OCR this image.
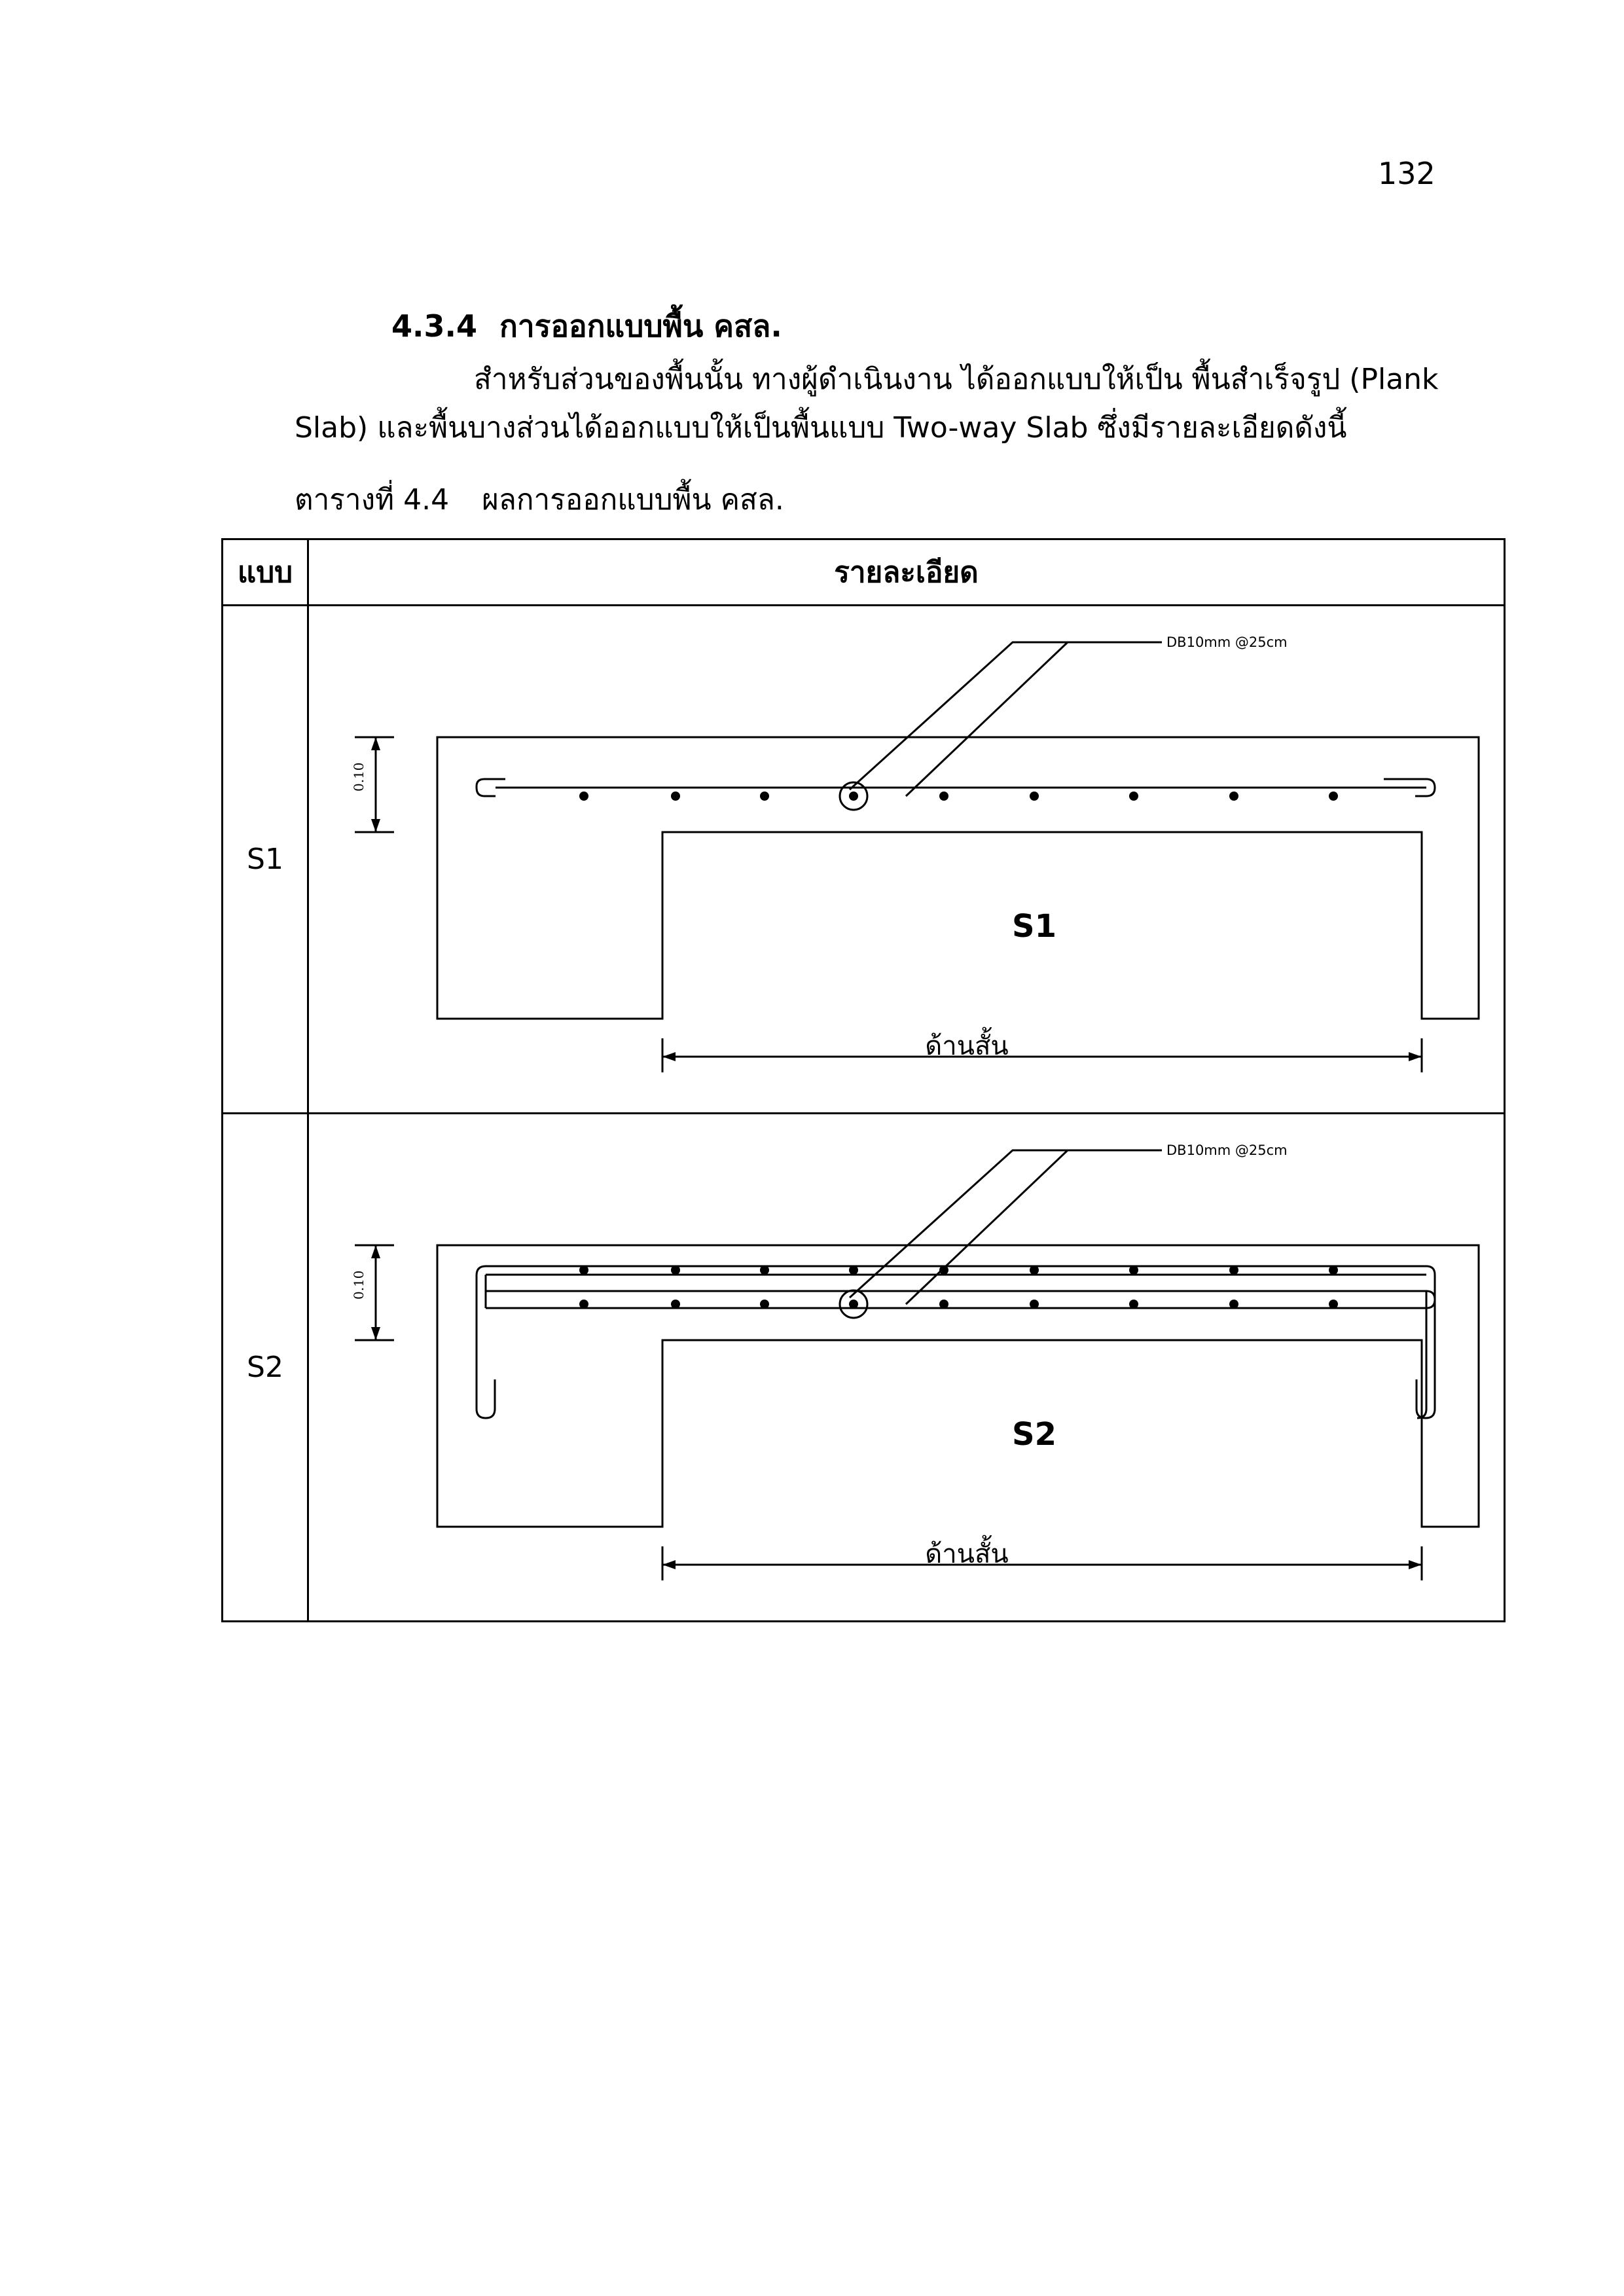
132
4.3.4 การออกแบบพื้น คสล.
สำหรับส่วนของพื้นนั้น ทางผู้ดำเนินงาน ได้ออกแบบให้เป็น พื้นสำเร็จรูป (Plank
Slab) และพื้นบางส่วนได้ออกแบบให้เป็นพื้นแบบ Two-way Slab ซึ่งมีรายละเอียดดังนี้
ตารางที่ 4.4 ผลการออกแบบพื้น คสล.
แบบ	รายละเอียด
S1	DB10mm @25cm
0.10
S1
ด้านสั้น

S2	DB10mm @25cm
0.10
S2
ด้านสั้น
